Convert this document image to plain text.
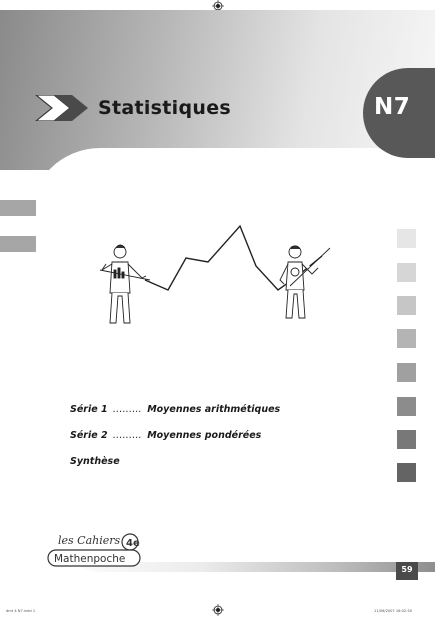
Statistiques	N7
Série 1 ......... Moyennes arithmétiques
Série 2 ......... Moyennes pondérées
Synthèse
les Cahiers 4e
Mathenpoche
59
dmt 4 N7.indd 1	11/06/2007 16:02:30
